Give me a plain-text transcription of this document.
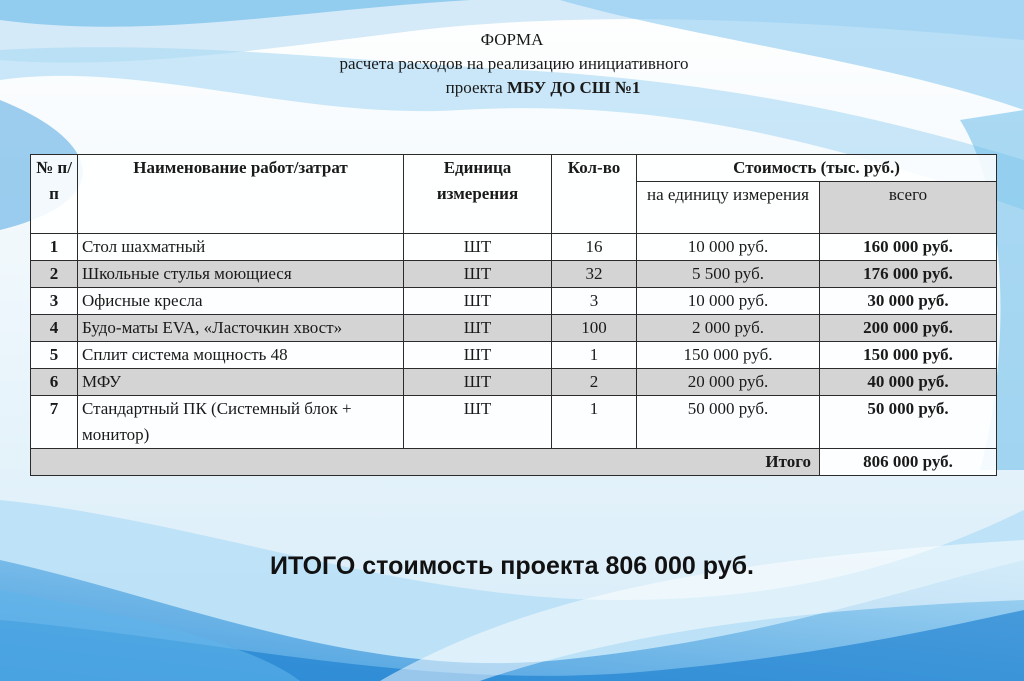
ФОРМА
расчета расходов на реализацию инициативного
проекта МБУ ДО СШ №1
№ п/п	Наименование работ/затрат	Единица измерения	Кол-во	Стоимость (тыс. руб.)	
				на единицу измерения	всего
1	Стол шахматный	ШТ	16	10 000 руб.	160 000 руб.
2	Школьные стулья моющиеся	ШТ	32	5 500 руб.	176 000 руб.
3	Офисные кресла	ШТ	3	10 000 руб.	30 000 руб.
4	Будо-маты EVA, «Ласточкин хвост»	ШТ	100	2 000 руб.	200 000 руб.
5	Сплит система мощность 48	ШТ	1	150 000 руб.	150 000 руб.
6	МФУ	ШТ	2	20 000 руб.	40 000 руб.
7	Стандартный ПК (Системный блок + монитор)	ШТ	1	50 000 руб.	50 000 руб.
Итого					806 000 руб.
ИТОГО стоимость проекта 806 000 руб.
